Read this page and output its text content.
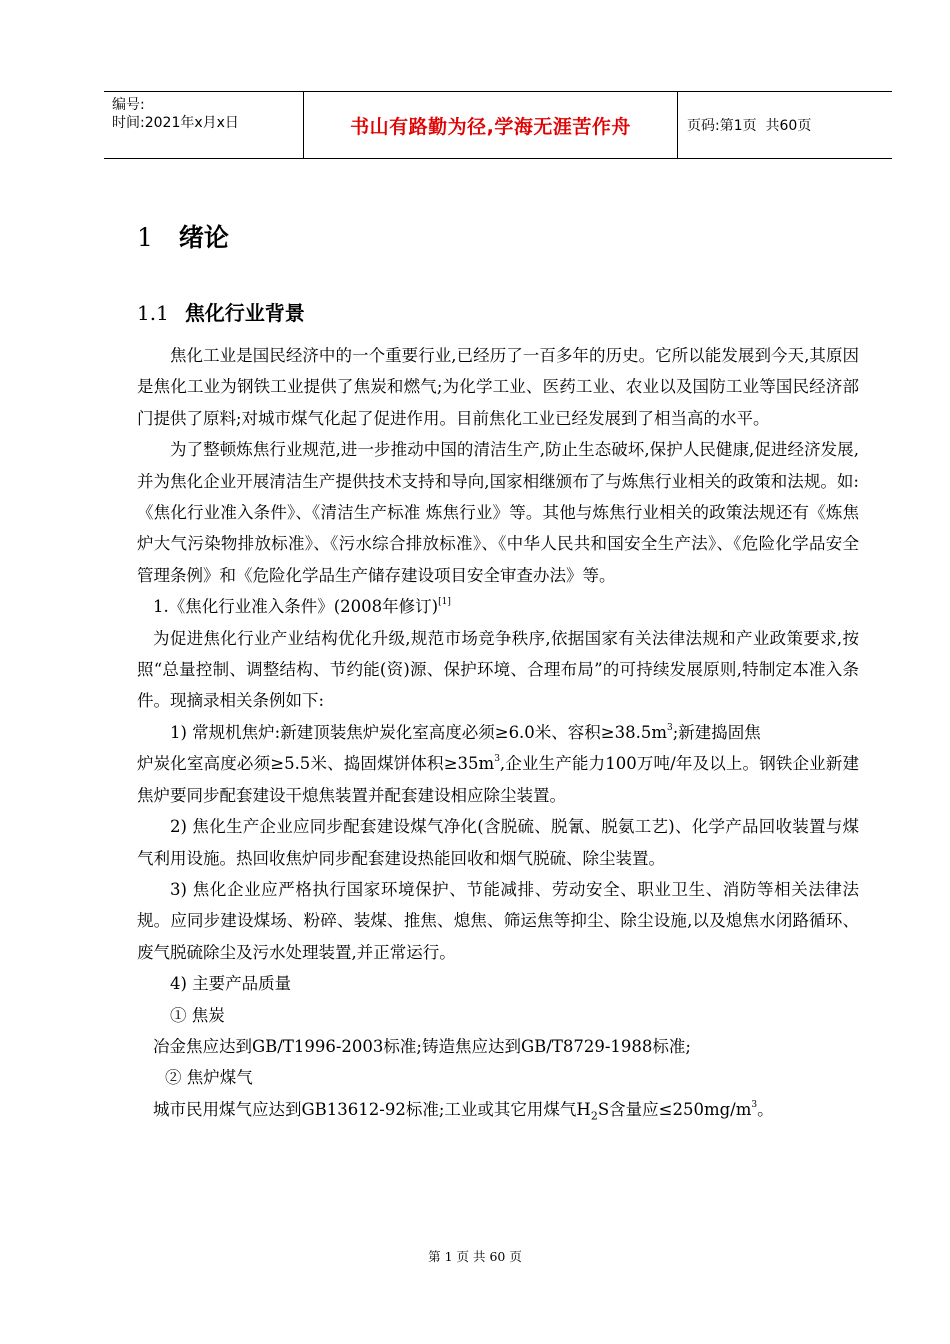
编号:
时间:2021年x月x日	书山有路勤为径,学海无涯苦作舟	页码:第1页  共60页
1 绪论
1.1 焦化行业背景

焦化工业是国民经济中的一个重要行业,已经历了一百多年的历史。它所以能发展到今天,其原因是焦化工业为钢铁工业提供了焦炭和燃气;为化学工业、医药工业、农业以及国防工业等国民经济部门提供了原料;对城市煤气化起了促进作用。目前焦化工业已经发展到了相当高的水平。

为了整顿炼焦行业规范,进一步推动中国的清洁生产,防止生态破坏,保护人民健康,促进经济发展,并为焦化企业开展清洁生产提供技术支持和导向,国家相继颁布了与炼焦行业相关的政策和法规。如:《焦化行业准入条件》、《清洁生产标准 炼焦行业》等。其他与炼焦行业相关的政策法规还有《炼焦炉大气污染物排放标准》、《污水综合排放标准》、《中华人民共和国安全生产法》、《危险化学品安全管理条例》和《危险化学品生产储存建设项目安全审查办法》等。

1.《焦化行业准入条件》(2008年修订)[1]

为促进焦化行业产业结构优化升级,规范市场竞争秩序,依据国家有关法律法规和产业政策要求,按照“总量控制、调整结构、节约能(资)源、保护环境、合理布局”的可持续发展原则,特制定本准入条件。现摘录相关条例如下:

1) 常规机焦炉:新建顶装焦炉炭化室高度必须≥6.0米、容积$\ge 38.5m^3$;新建捣固焦

炉炭化室高度必须≥5.5米、捣固煤饼体积$\ge 35m^3$,企业生产能力100万吨/年及以上。钢铁企业新建焦炉要同步配套建设干熄焦装置并配套建设相应除尘装置。

2) 焦化生产企业应同步配套建设煤气净化(含脱硫、脱氰、脱氨工艺)、化学产品回收装置与煤气利用设施。热回收焦炉同步配套建设热能回收和烟气脱硫、除尘装置。

3) 焦化企业应严格执行国家环境保护、节能减排、劳动安全、职业卫生、消防等相关法律法规。应同步建设煤场、粉碎、装煤、推焦、熄焦、筛运焦等抑尘、除尘设施,以及熄焦水闭路循环、废气脱硫除尘及污水处理装置,并正常运行。

4) 主要产品质量

① 焦炭

冶金焦应达到GB/T1996-2003标准;铸造焦应达到GB/T8729-1988标准;

② 焦炉煤气

城市民用煤气应达到GB13612-92标准;工业或其它用煤气$H_2S$含量应$\le 250mg/m^3$。

第 1 页 共 60 页
